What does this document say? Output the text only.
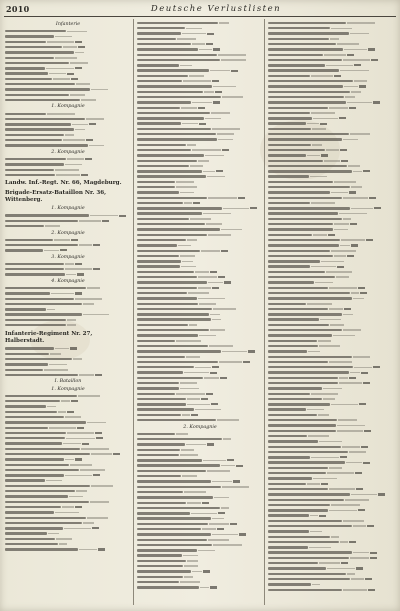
2010	Deutsche Verlustlisten
Infanterie
1. Kompagnie
2. Kompagnie
Landw. Inf.-Regt. Nr. 66, Magdeburg.
Brigade-Ersatz-Bataillon Nr. 36, Wittenberg.
1. Kompagnie
2. Kompagnie
3. Kompagnie
4. Kompagnie
Infanterie-Regiment Nr. 27, Halberstadt.
I. Bataillon
1. Kompagnie
2. Kompagnie
